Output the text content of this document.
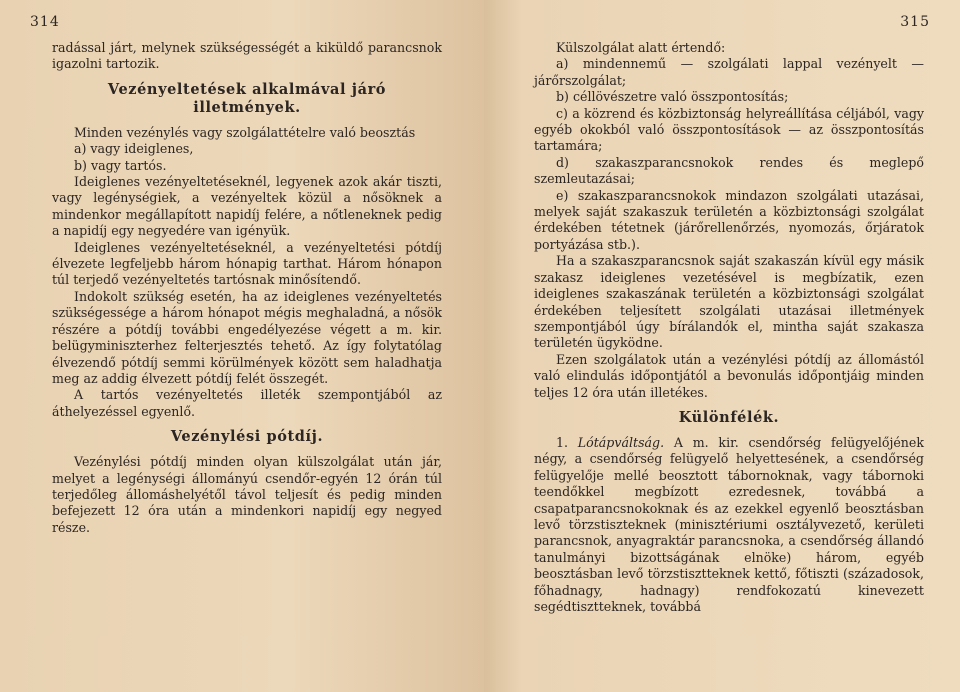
314

radással járt, melynek szükségességét a kiküldő parancsnok igazolni tartozik.

Vezényeltetések alkalmával járó illetmények.

Minden vezénylés vagy szolgálattételre való beosztás

a) vagy ideiglenes,

b) vagy tartós.

Ideiglenes vezényeltetéseknél, legyenek azok akár tiszti, vagy legénységiek, a vezényeltek közül a nősöknek a mindenkor megállapított napidíj felére, a nőtleneknek pedig a napidíj egy negyedére van igényük.

Ideiglenes vezényeltetéseknél, a vezényeltetési pótdíj élvezete legfeljebb három hónapig tarthat. Három hónapon túl terjedő vezényeltetés tartósnak minősítendő.

Indokolt szükség esetén, ha az ideiglenes vezényeltetés szükségessége a három hónapot mégis meghaladná, a nősök részére a pótdíj további engedélyezése végett a m. kir. belügyminiszterhez felterjesztés tehető. Az így folytatólag élvezendő pótdíj semmi körülmények között sem haladhatja meg az addig élvezett pótdíj felét összegét.

A tartós vezényeltetés illeték szempontjából az áthelyezéssel egyenlő.

Vezénylési pótdíj.

Vezénylési pótdíj minden olyan külszolgálat után jár, melyet a legénységi állományú csendőr-egyén 12 órán túl terjedőleg állomáshelyétől távol teljesít és pedig minden befejezett 12 óra után a mindenkori napidíj egy negyed része.

315

Külszolgálat alatt értendő:

a) mindennemű — szolgálati lappal vezényelt — járőrszolgálat;

b) céllövészetre való összpontosítás;

c) a közrend és közbiztonság helyreállítása céljából, vagy egyéb okokból való összpontosítások — az összpontosítás tartamára;

d) szakaszparancsnokok rendes és meglepő szemleutazásai;

e) szakaszparancsnokok mindazon szolgálati utazásai, melyek saját szakaszuk területén a közbiztonsági szolgálat érdekében tétetnek (járőrellenőrzés, nyomozás, őrjáratok portyázása stb.).

Ha a szakaszparancsnok saját szakaszán kívül egy másik szakasz ideiglenes vezetésével is megbízatik, ezen ideiglenes szakaszának területén a közbiztonsági szolgálat érdekében teljesített szolgálati utazásai illetmények szempontjából úgy bírálandók el, mintha saját szakasza területén ügyködne.

Ezen szolgálatok után a vezénylési pótdíj az állomástól való elindulás időpontjától a bevonulás időpontjáig minden teljes 12 óra után illetékes.

Különfélék.

1. Lótápváltság. A m. kir. csendőrség felügyelőjének négy, a csendőrség felügyelő helyettesének, a csendőrség felügyelője mellé beosztott tábornoknak, vagy tábornoki teendőkkel megbízott ezredesnek, továbbá a csapatparancsnokoknak és az ezekkel egyenlő beosztásban levő törzstiszteknek (minisztériumi osztályvezető, kerületi parancsnok, anyagraktár parancsnoka, a csendőrség állandó tanulmányi bizottságának elnöke) három, egyéb beosztásban levő törzstisztteknek kettő, főtiszti (századosok, főhadnagy, hadnagy) rendfokozatú kinevezett segédtisztteknek, továbbá
